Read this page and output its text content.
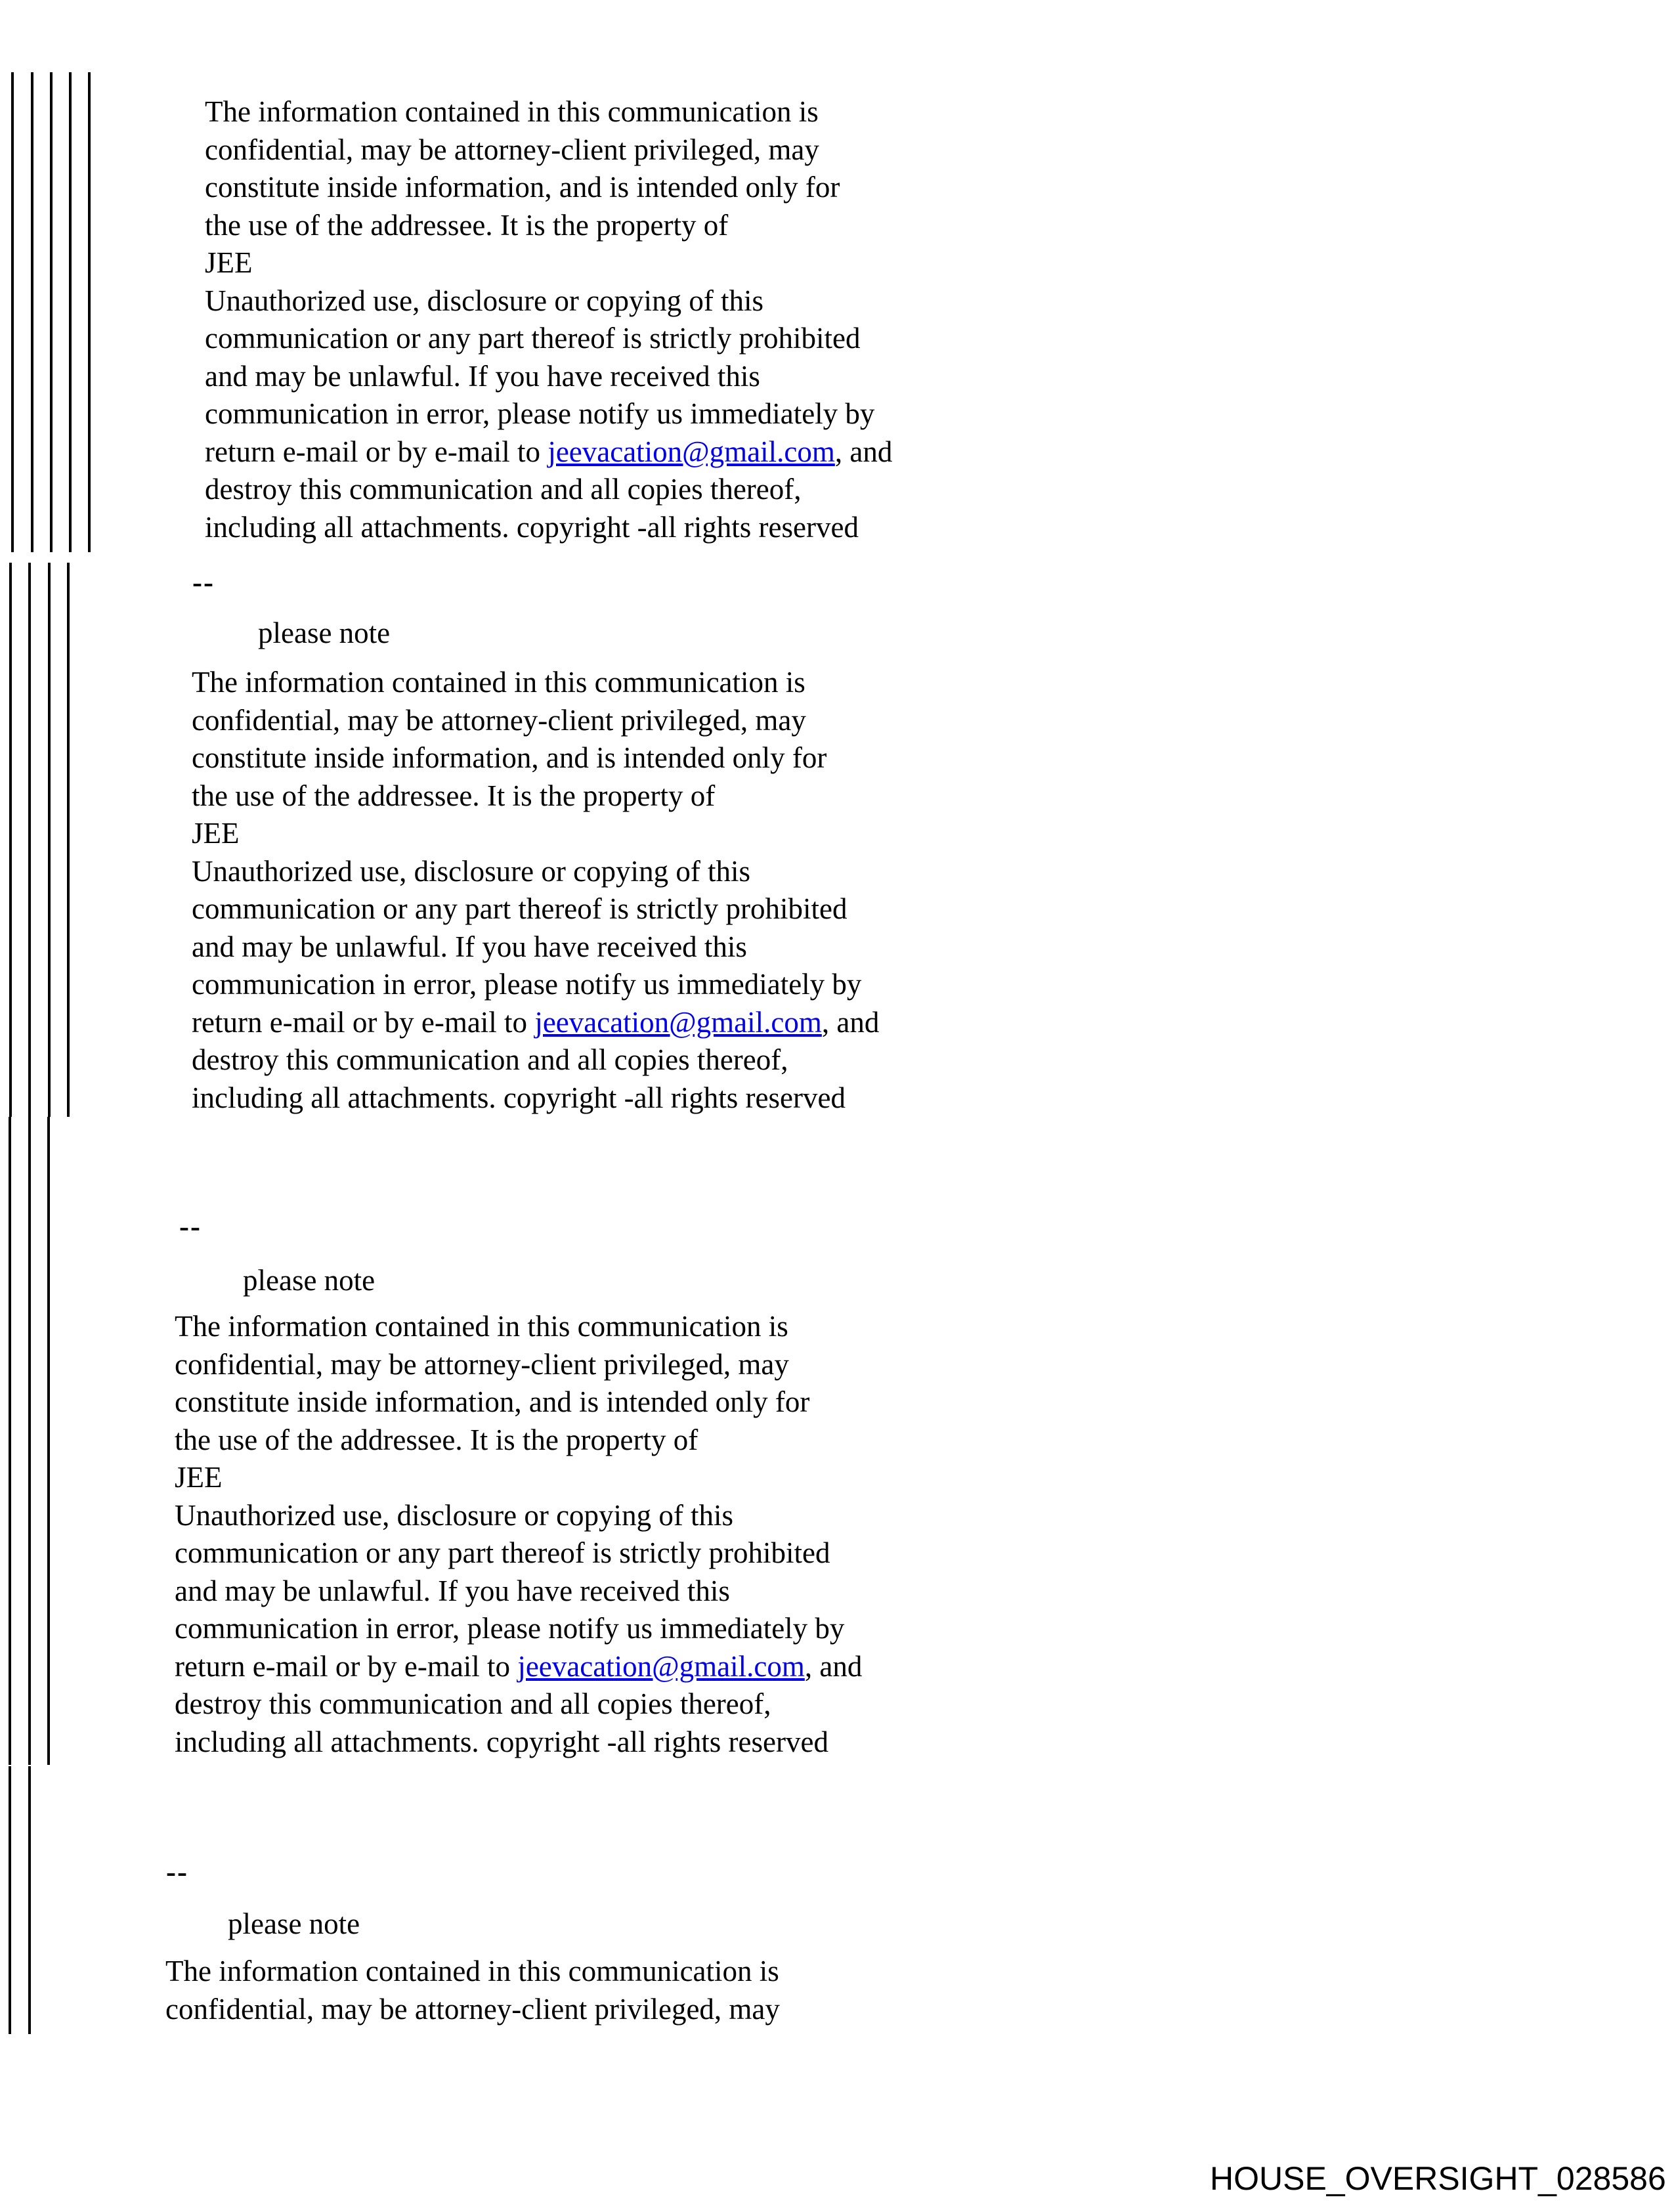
The information contained in this communication is
confidential, may be attorney-client privileged, may
constitute inside information, and is intended only for
the use of the addressee. It is the property of
JEE
Unauthorized use, disclosure or copying of this
communication or any part thereof is strictly prohibited
and may be unlawful. If you have received this
communication in error, please notify us immediately by
return e-mail or by e-mail to jeevacation@gmail.com, and
destroy this communication and all copies thereof,
including all attachments. copyright -all rights reserved
--
please note
The information contained in this communication is
confidential, may be attorney-client privileged, may
constitute inside information, and is intended only for
the use of the addressee. It is the property of
JEE
Unauthorized use, disclosure or copying of this
communication or any part thereof is strictly prohibited
and may be unlawful. If you have received this
communication in error, please notify us immediately by
return e-mail or by e-mail to jeevacation@gmail.com, and
destroy this communication and all copies thereof,
including all attachments. copyright -all rights reserved
--
please note
The information contained in this communication is
confidential, may be attorney-client privileged, may
constitute inside information, and is intended only for
the use of the addressee. It is the property of
JEE
Unauthorized use, disclosure or copying of this
communication or any part thereof is strictly prohibited
and may be unlawful. If you have received this
communication in error, please notify us immediately by
return e-mail or by e-mail to jeevacation@gmail.com, and
destroy this communication and all copies thereof,
including all attachments. copyright -all rights reserved
--
please note
The information contained in this communication is
confidential, may be attorney-client privileged, may
HOUSE_OVERSIGHT_028586
